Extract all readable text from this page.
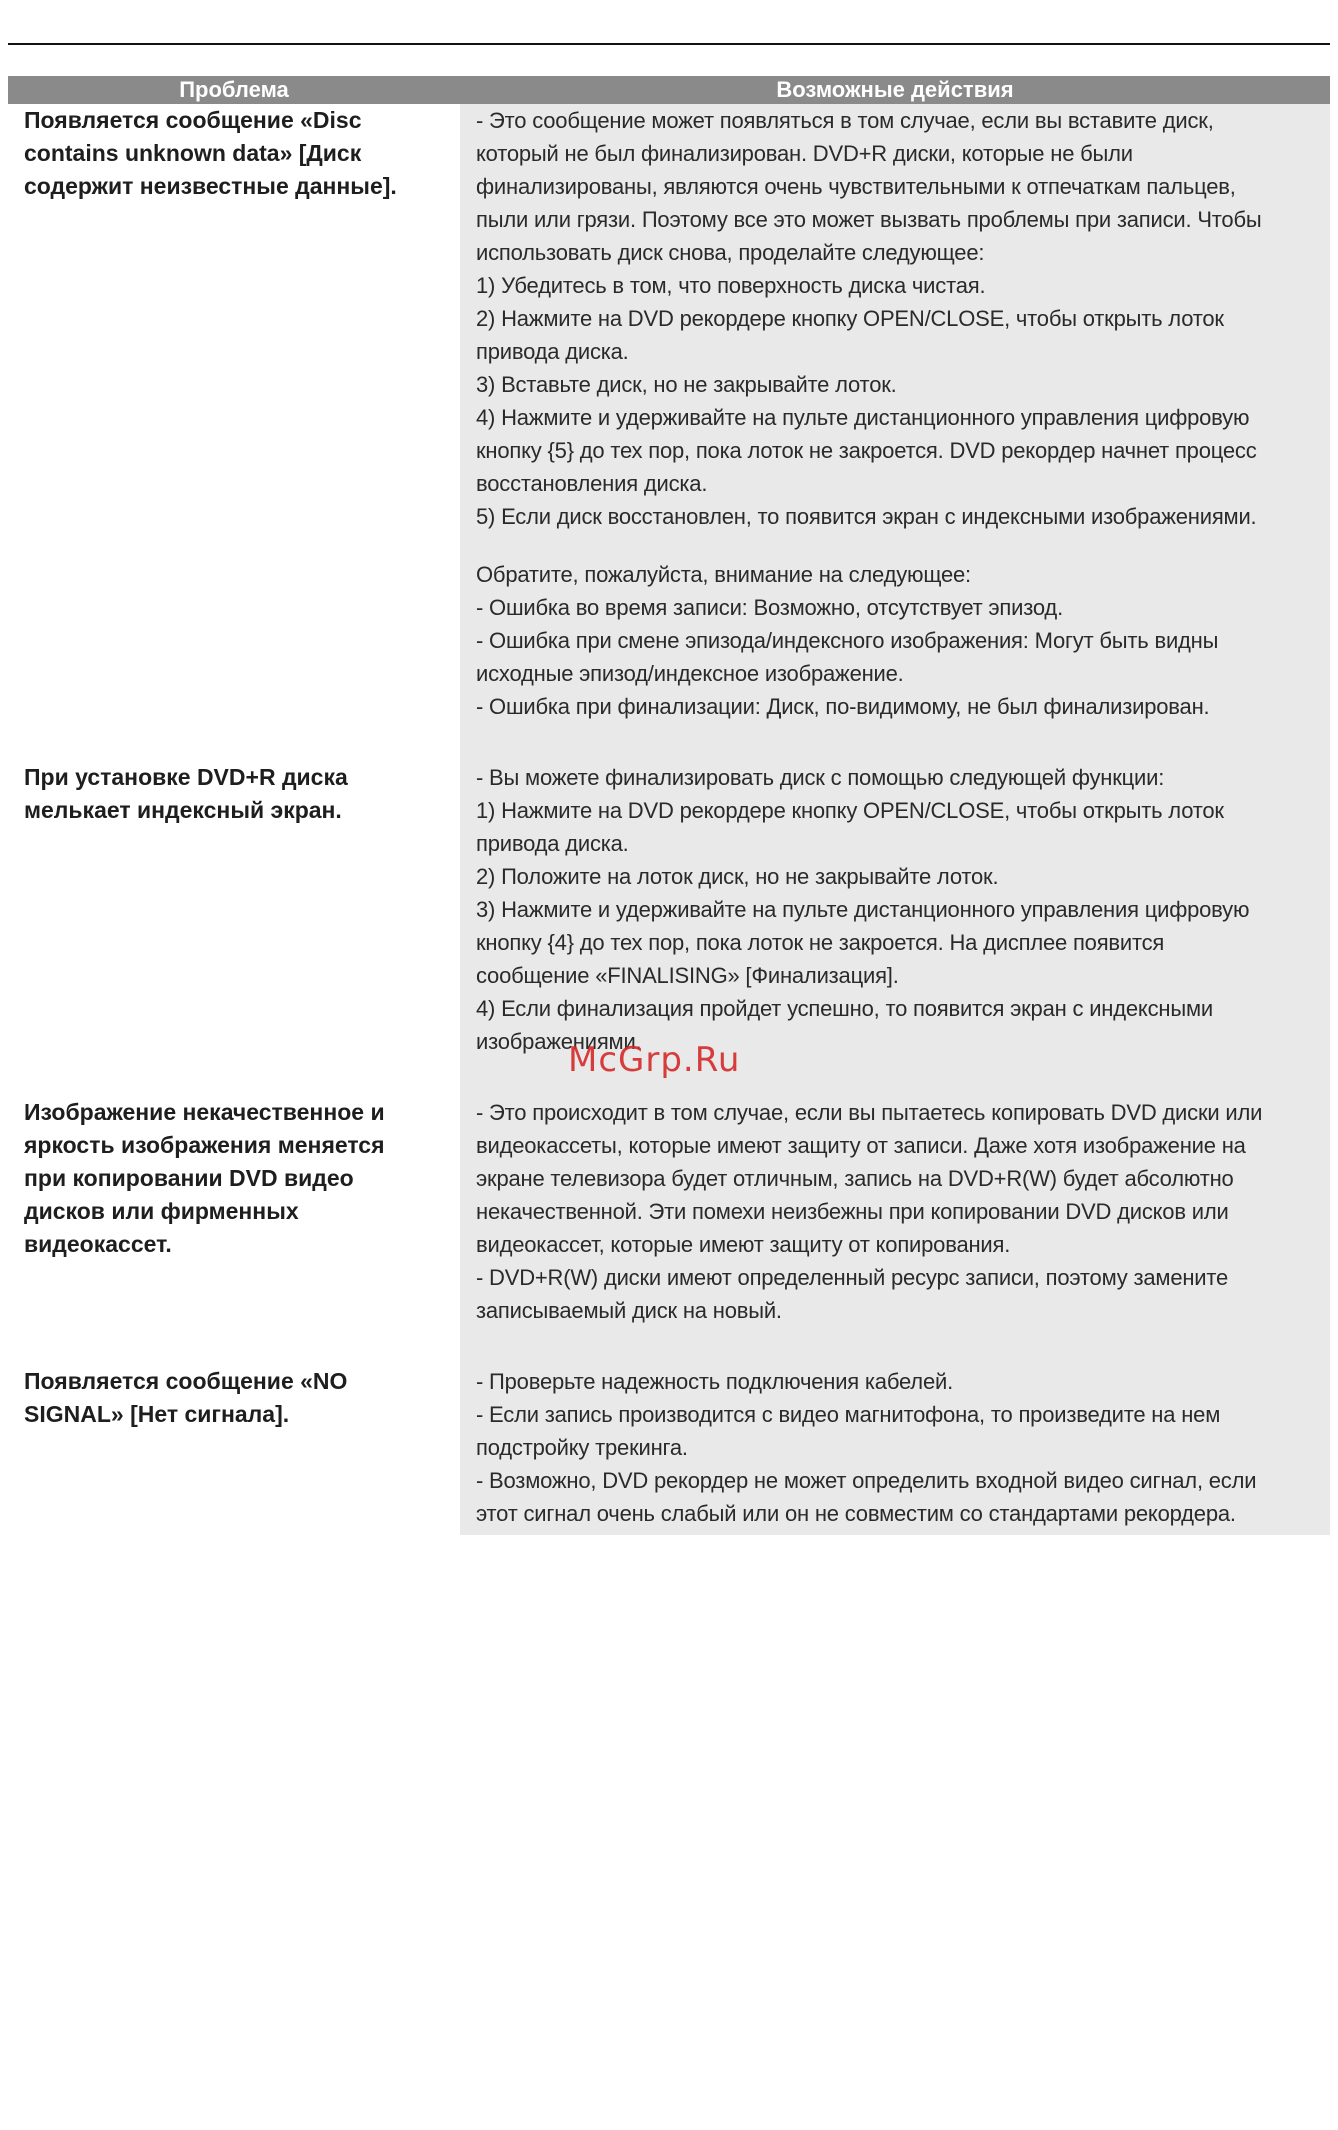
Проблема	Возможные действия
Появляется сообщение «Disc contains unknown data» [Диск содержит неизвестные данные].
- Это сообщение может появляться в том случае, если вы вставите диск,
который не был финализирован. DVD+R диски, которые не были
финализированы, являются очень чувствительными к отпечаткам пальцев,
пыли или грязи. Поэтому все это может вызвать проблемы при записи. Чтобы
использовать диск снова, проделайте следующее:
1) Убедитесь в том, что поверхность диска чистая.
2) Нажмите на DVD рекордере кнопку OPEN/CLOSE, чтобы открыть лоток
привода диска.
3) Вставьте диск, но не закрывайте лоток.
4) Нажмите и удерживайте на пульте дистанционного управления цифровую
кнопку {5} до тех пор, пока лоток не закроется. DVD рекордер начнет процесс
восстановления диска.
5) Если диск восстановлен, то появится экран с индексными изображениями.
Обратите, пожалуйста, внимание на следующее:
- Ошибка во время записи: Возможно, отсутствует эпизод.
- Ошибка при смене эпизода/индексного изображения: Могут быть видны
исходные эпизод/индексное изображение.
- Ошибка при финализации: Диск, по-видимому, не был финализирован.
При установке DVD+R диска мелькает индексный экран.
- Вы можете финализировать диск с помощью следующей функции:
1) Нажмите на DVD рекордере кнопку OPEN/CLOSE, чтобы открыть лоток
привода диска.
2) Положите на лоток диск, но не закрывайте лоток.
3) Нажмите и удерживайте на пульте дистанционного управления цифровую
кнопку {4} до тех пор, пока лоток не закроется. На дисплее появится
сообщение «FINALISING» [Финализация].
4) Если финализация пройдет успешно, то появится экран с индексными
изображениями.
Изображение некачественное и яркость изображения меняется при копировании DVD видео дисков или фирменных видеокассет.
- Это происходит в том случае, если вы пытаетесь копировать DVD диски или
видеокассеты, которые имеют защиту от записи. Даже хотя изображение на
экране телевизора будет отличным, запись на DVD+R(W) будет абсолютно
некачественной. Эти помехи неизбежны при копировании DVD дисков или
видеокассет, которые имеют защиту от копирования.
- DVD+R(W) диски имеют определенный ресурс записи, поэтому замените
записываемый диск на новый.
Появляется сообщение «NO SIGNAL» [Нет сигнала].
- Проверьте надежность подключения кабелей.
- Если запись производится с видео магнитофона, то произведите на нем
подстройку трекинга.
- Возможно, DVD рекордер не может определить входной видео сигнал, если
этот сигнал очень слабый или он не совместим со стандартами рекордера.
McGrp.Ru
